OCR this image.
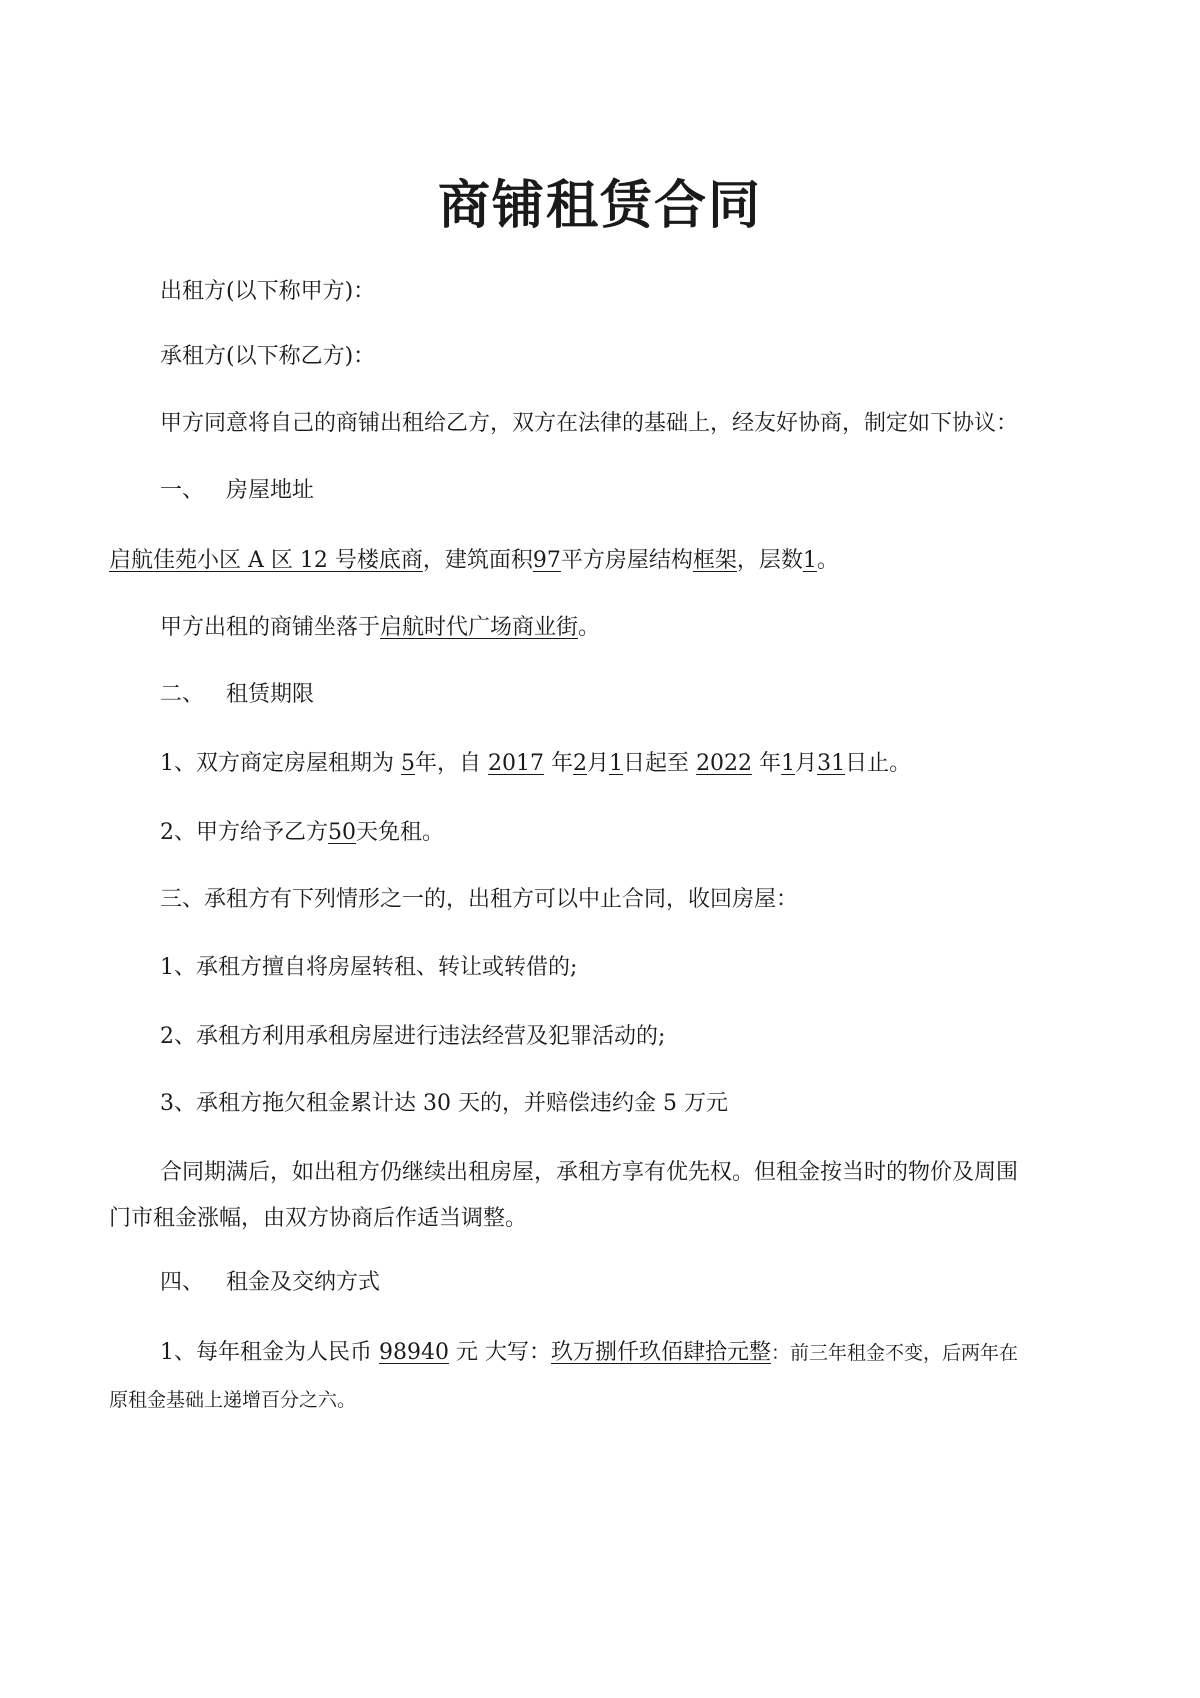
商铺租赁合同
出租方(以下称甲方)：
承租方(以下称乙方)：
甲方同意将自己的商铺出租给乙方，双方在法律的基础上，经友好协商，制定如下协议：
一、 房屋地址
启航佳苑小区 A 区 12 号楼底商，建筑面积97平方房屋结构框架，层数1。
甲方出租的商铺坐落于启航时代广场商业街。
二、 租赁期限
1、双方商定房屋租期为 5年，自 2017 年2月1日起至 2022 年1月31日止。
2、甲方给予乙方50天免租。
三、承租方有下列情形之一的，出租方可以中止合同，收回房屋：
1、承租方擅自将房屋转租、转让或转借的;
2、承租方利用承租房屋进行违法经营及犯罪活动的;
3、承租方拖欠租金累计达 30 天的，并赔偿违约金 5 万元
合同期满后，如出租方仍继续出租房屋，承租方享有优先权。但租金按当时的物价及周围
门市租金涨幅，由双方协商后作适当调整。
四、 租金及交纳方式
1、每年租金为人民币 98940 元 大写：玖万捌仟玖佰肆拾元整：前三年租金不变，后两年在
原租金基础上递增百分之六。
